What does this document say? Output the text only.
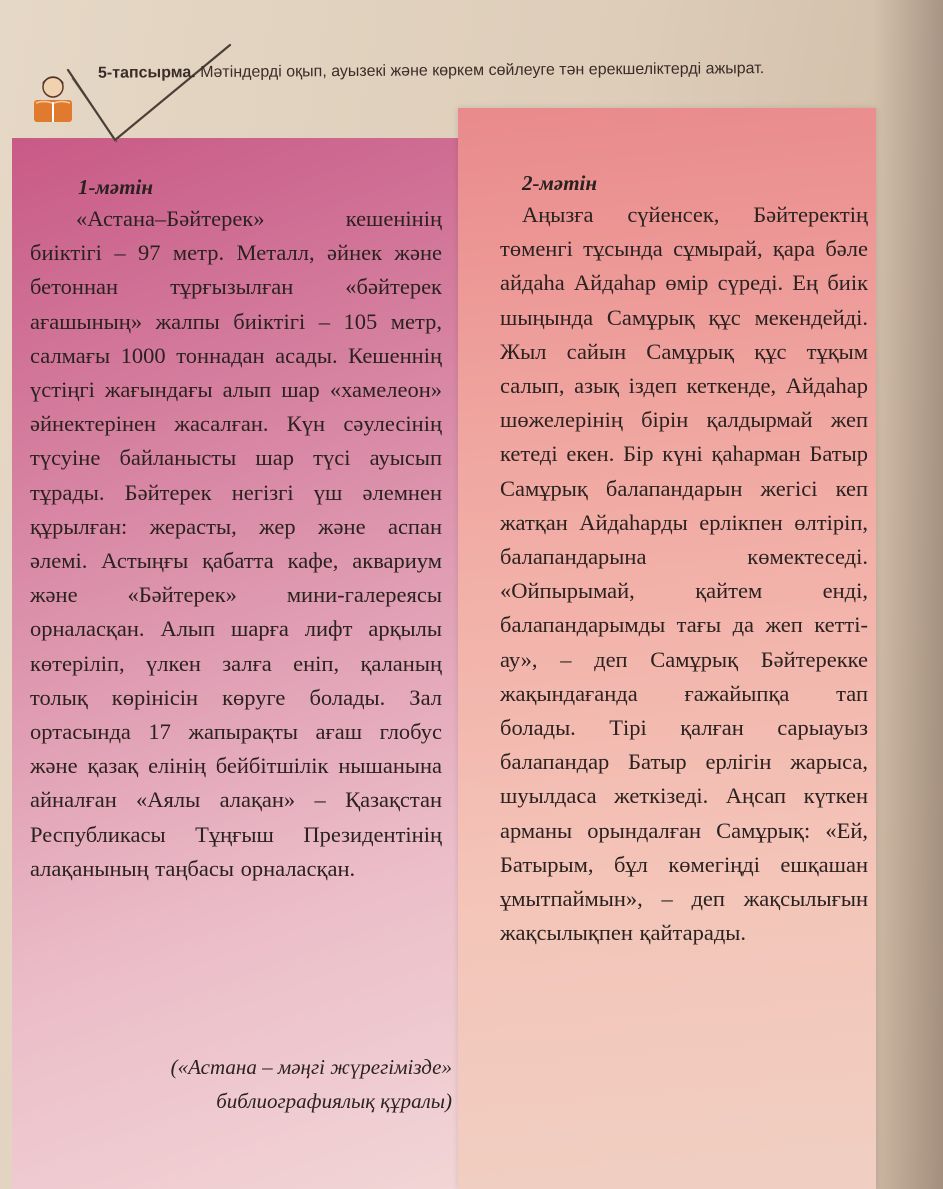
5-тапсырма. Мәтіндерді оқып, ауызекі және көркем сөйлеуге тән ерекшеліктерді ажырат.
1-мәтін

«Астана–Бәйтерек» кешенінің биіктігі – 97 метр. Металл, әйнек және бетоннан тұрғызылған «бәйтерек ағашының» жалпы биіктігі – 105 метр, салмағы 1000 тоннадан асады. Кешеннің үстіңгі жағындағы алып шар «хамелеон» әйнектерінен жасалған. Күн сәулесінің түсуіне байланысты шар түсі ауысып тұрады. Бәйтерек негізгі үш әлемнен құрылған: жерасты, жер және аспан әлемі. Астыңғы қабатта кафе, аквариум және «Бәйтерек» мини-галереясы орналасқан. Алып шарға лифт арқылы көтеріліп, үлкен залға еніп, қаланың толық көрінісін көруге болады. Зал ортасында 17 жапырақты ағаш глобус және қазақ елінің бейбітшілік нышанына айналған «Аялы алақан» – Қазақстан Республикасы Тұңғыш Президентінің алақанының таңбасы орналасқан.

(«Астана – мәңгі жүрегімізде» библиографиялық құралы)
2-мәтін

Аңызға сүйенсек, Бәйтеректің төменгі тұсында сұмырай, қара бәле айдаһа Айдаһар өмір сүреді. Ең биік шыңында Самұрық құс мекендейді. Жыл сайын Самұрық құс тұқым салып, азық іздеп кеткенде, Айдаһар шөжелерінің бірін қалдырмай жеп кетеді екен. Бір күні қаһарман Батыр Самұрық балапандарын жегісі кеп жатқан Айдаһарды ерлікпен өлтіріп, балапандарына көмектеседі. «Ойпырымай, қайтем енді, балапандарымды тағы да жеп кетті-ау», – деп Самұрық Бәйтерекке жақындағанда ғажайыпқа тап болады. Тірі қалған сарыауыз балапандар Батыр ерлігін жарыса, шуылдаса жеткізеді. Аңсап күткен арманы орындалған Самұрық: «Ей, Батырым, бұл көмегіңді ешқашан ұмытпаймын», – деп жақсылығын жақсылықпен қайтарады.
